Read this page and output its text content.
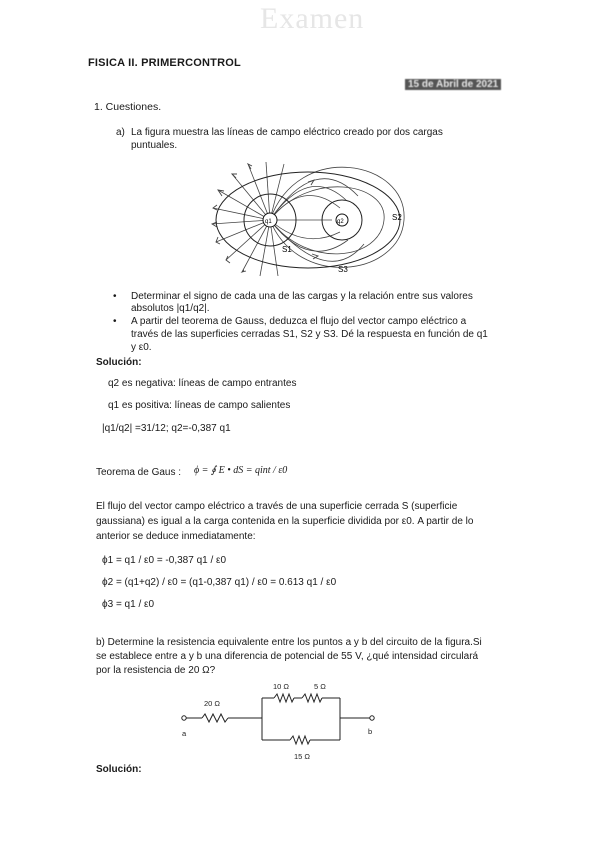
Examen
FISICA II. PRIMERCONTROL
15 de Abril de 2021
1. Cuestiones.
a) La figura muestra las líneas de campo eléctrico creado por dos cargas
puntuales.
q1	q2
S1
S2
S3
• Determinar el signo de cada una de las cargas y la relación entre sus valores
absolutos |q1/q2|.
• A partir del teorema de Gauss, deduzca el flujo del vector campo eléctrico a
través de las superficies cerradas S1, S2 y S3. Dé la respuesta en función de q1
y ε0.
Solución:
q2 es negativa: líneas de campo entrantes
q1 es positiva: líneas de campo salientes
|q1/q2| =31/12; q2=-0,387 q1
Teorema de Gaus : ϕ = ∮ E • dS = qint / ε0
El flujo del vector campo eléctrico a través de una superficie cerrada S (superficie
gaussiana) es igual a la carga contenida en la superficie dividida por ε0. A partir de lo
anterior se deduce inmediatamente:
ϕ1 = q1 / ε0 = -0,387 q1 / ε0
ϕ2 = (q1+q2) / ε0 = (q1-0,387 q1) / ε0 = 0.613 q1 / ε0
ϕ3 = q1 / ε0
b) Determine la resistencia equivalente entre los puntos a y b del circuito de la figura.Si
se establece entre a y b una diferencia de potencial de 55 V, ¿qué intensidad circulará
por la resistencia de 20 Ω?
20 Ω
10 Ω	5 Ω
15 Ω
a	b
Solución:
